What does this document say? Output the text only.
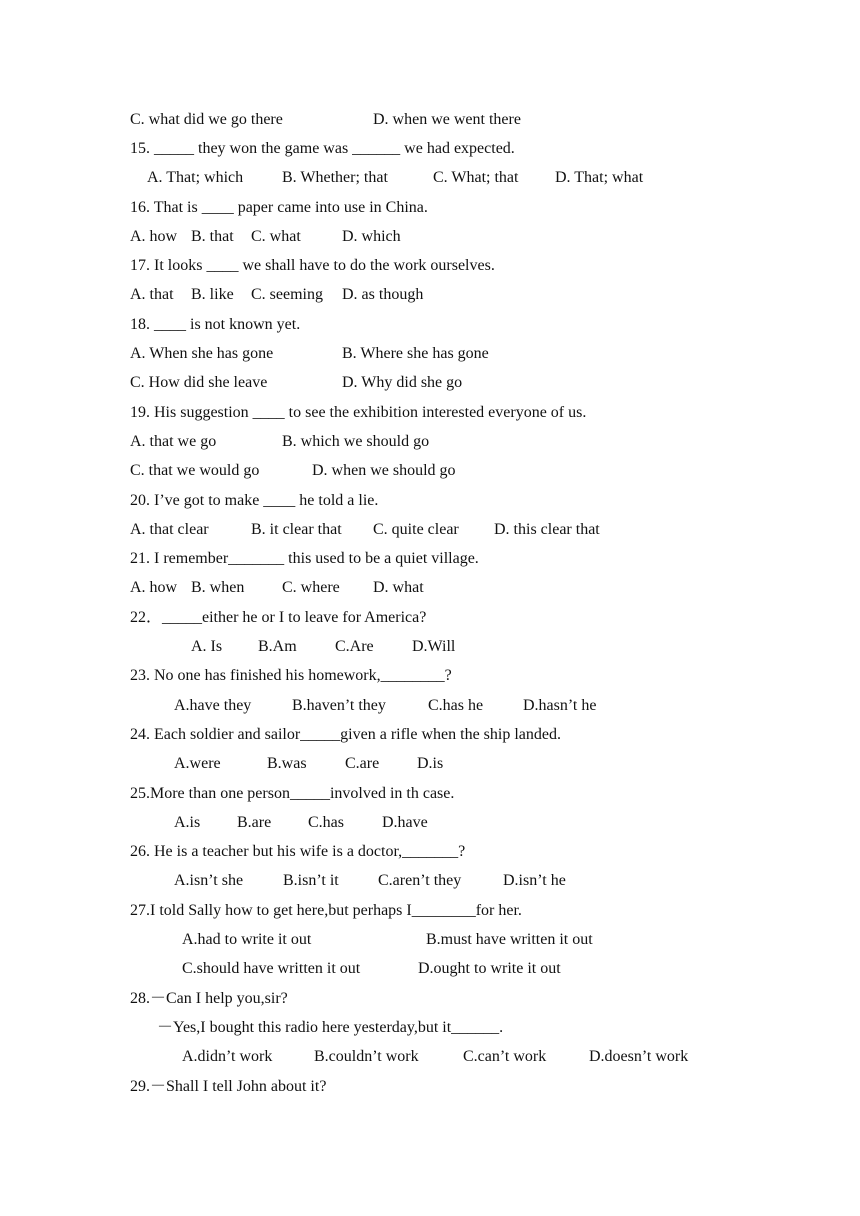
C. what did we go there	D. when we went there
15. _____ they won the game was ______ we had expected.
A. That; which B. Whether; that	C. What; that D. That; what
16. That is ____ paper came into use in China.
A. how B. that C. what	D. which
17. It looks ____ we shall have to do the work ourselves.
A. that B. like C. seeming D. as though
18. ____ is not known yet.
A. When she has gone	B. Where she has gone
C. How did she leave	D. Why did she go
19. His suggestion ____ to see the exhibition interested everyone of us.
A. that we go	B. which we should go
C. that we would go	D. when we should go
20. I’ve got to make ____ he told a lie.
A. that clear	B. it clear that C. quite clear D. this clear that
21. I remember_______ this used to be a quiet village.
A. how B. when C. where D. what
22．_____either he or I to leave for America?
A. Is B.Am C.Are D.Will
23. No one has finished his homework,________?
A.have they	B.haven’t they	C.has he D.hasn’t he
24. Each soldier and sailor_____given a rifle when the ship landed.
A.were	B.was C.are D.is
25.More than one person_____involved in th case.
A.is B.are C.has D.have
26. He is a teacher but his wife is a doctor,_______?
A.isn’t she B.isn’t it C.aren’t they	D.isn’t he
27.I told Sally how to get here,but perhaps I________for her.
A.had to write it out	B.must have written it out
C.should have written it out	D.ought to write it out
28.－Can I help you,sir?
－Yes,I bought this radio here yesterday,but it______.
A.didn’t work	B.couldn’t work	C.can’t work	D.doesn’t work
29.－Shall I tell John about it?
